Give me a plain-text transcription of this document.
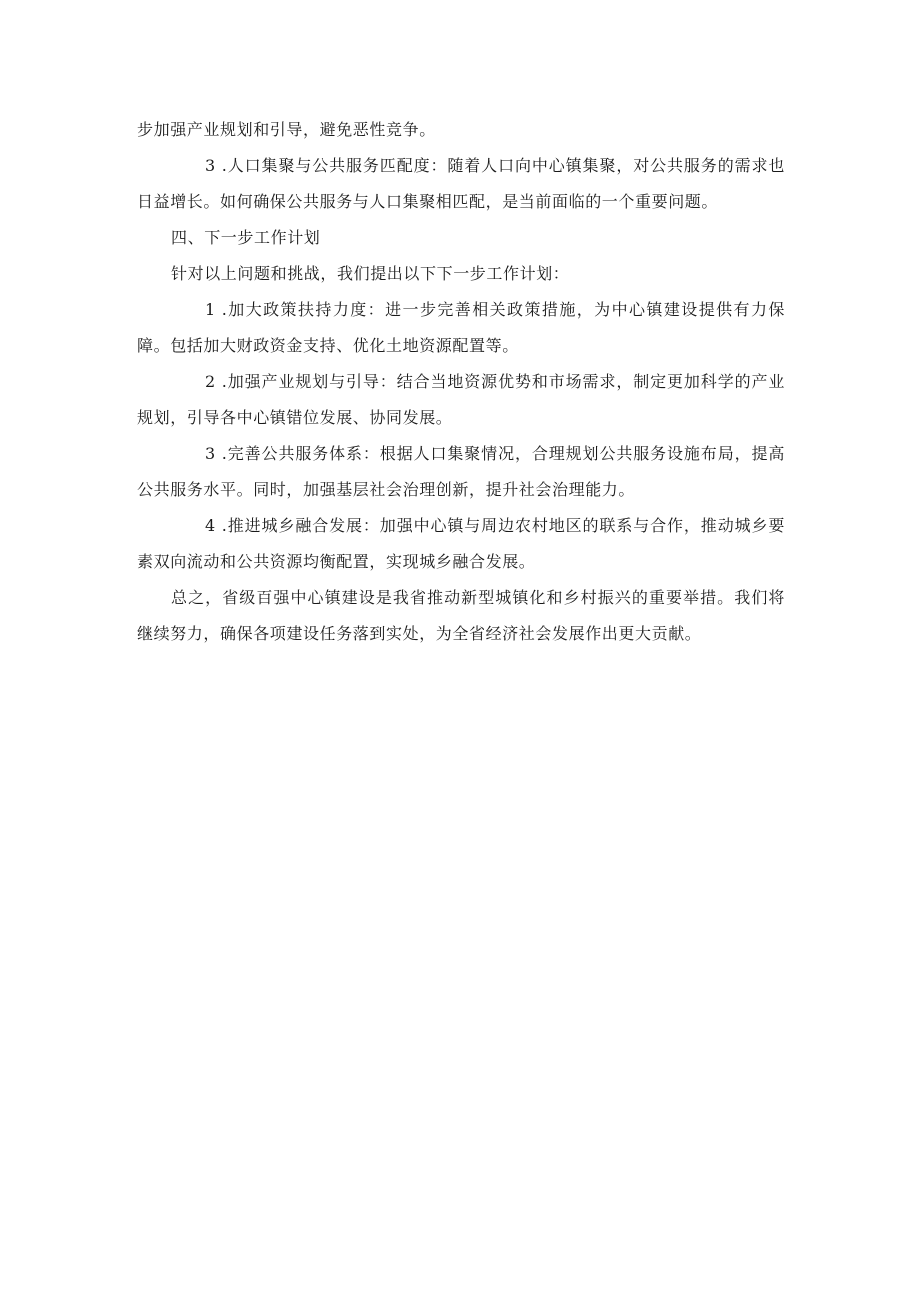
步加强产业规划和引导，避免恶性竞争。

3 .人口集聚与公共服务匹配度：随着人口向中心镇集聚，对公共服务的需求也日益增长。如何确保公共服务与人口集聚相匹配，是当前面临的一个重要问题。

四、下一步工作计划

针对以上问题和挑战，我们提出以下下一步工作计划：

1 .加大政策扶持力度：进一步完善相关政策措施，为中心镇建设提供有力保障。包括加大财政资金支持、优化土地资源配置等。

2 .加强产业规划与引导：结合当地资源优势和市场需求，制定更加科学的产业规划，引导各中心镇错位发展、协同发展。

3 .完善公共服务体系：根据人口集聚情况，合理规划公共服务设施布局，提高公共服务水平。同时，加强基层社会治理创新，提升社会治理能力。

4 .推进城乡融合发展：加强中心镇与周边农村地区的联系与合作，推动城乡要素双向流动和公共资源均衡配置，实现城乡融合发展。

总之，省级百强中心镇建设是我省推动新型城镇化和乡村振兴的重要举措。我们将继续努力，确保各项建设任务落到实处，为全省经济社会发展作出更大贡献。
